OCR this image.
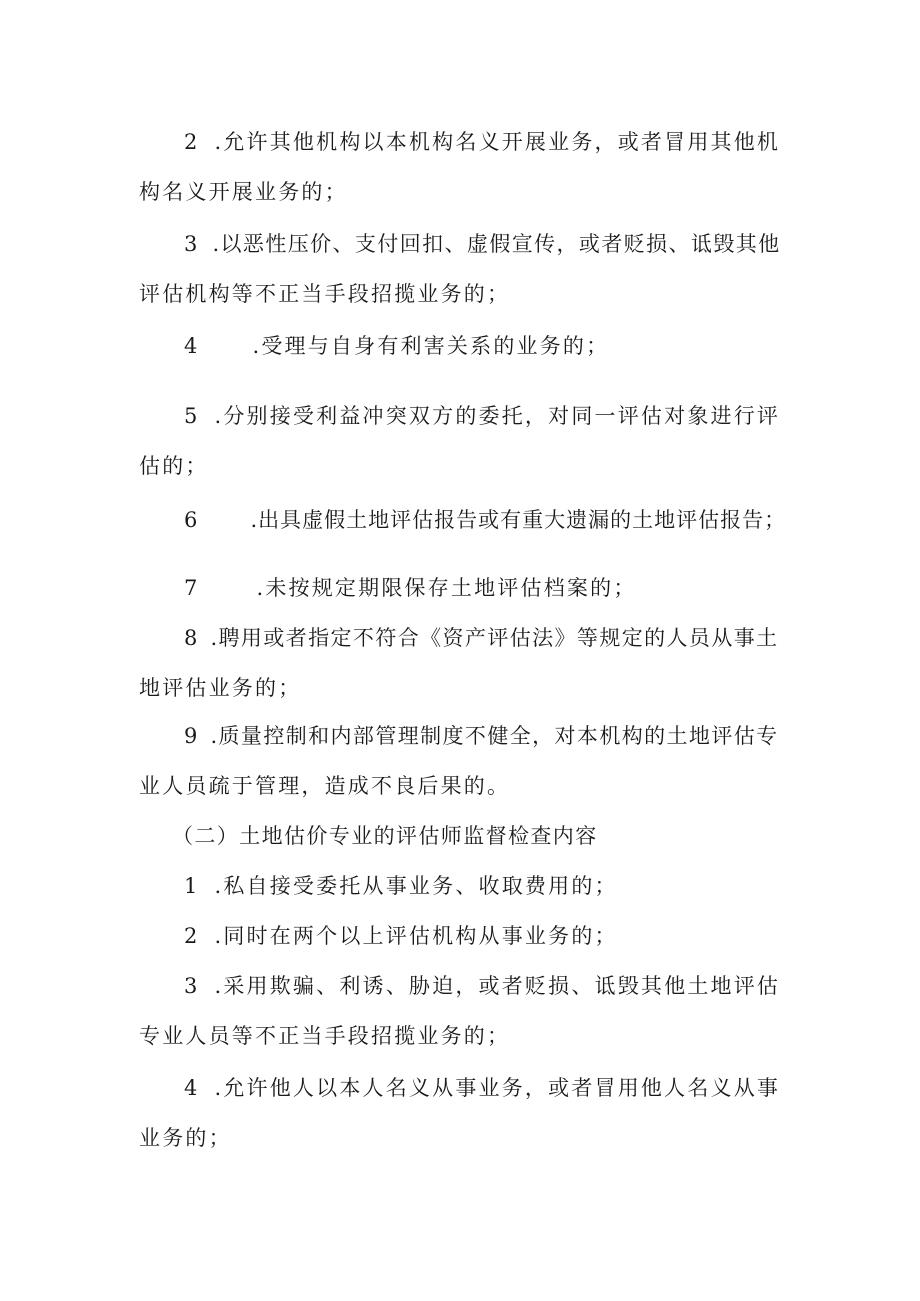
2 .允许其他机构以本机构名义开展业务，或者冒用其他机
构名义开展业务的；
3 .以恶性压价、支付回扣、虚假宣传，或者贬损、诋毁其他
评估机构等不正当手段招揽业务的；
4	.受理与自身有利害关系的业务的；
5 .分别接受利益冲突双方的委托，对同一评估对象进行评
估的；
6 .出具虚假土地评估报告或有重大遗漏的土地评估报告；
7	.未按规定期限保存土地评估档案的；
8 .聘用或者指定不符合《资产评估法》等规定的人员从事土
地评估业务的；
9 .质量控制和内部管理制度不健全，对本机构的土地评估专
业人员疏于管理，造成不良后果的。
（二）土地估价专业的评估师监督检查内容
1 .私自接受委托从事业务、收取费用的；
2 .同时在两个以上评估机构从事业务的；
3 .采用欺骗、利诱、胁迫，或者贬损、诋毁其他土地评估
专业人员等不正当手段招揽业务的；
4 .允许他人以本人名义从事业务，或者冒用他人名义从事
业务的；
